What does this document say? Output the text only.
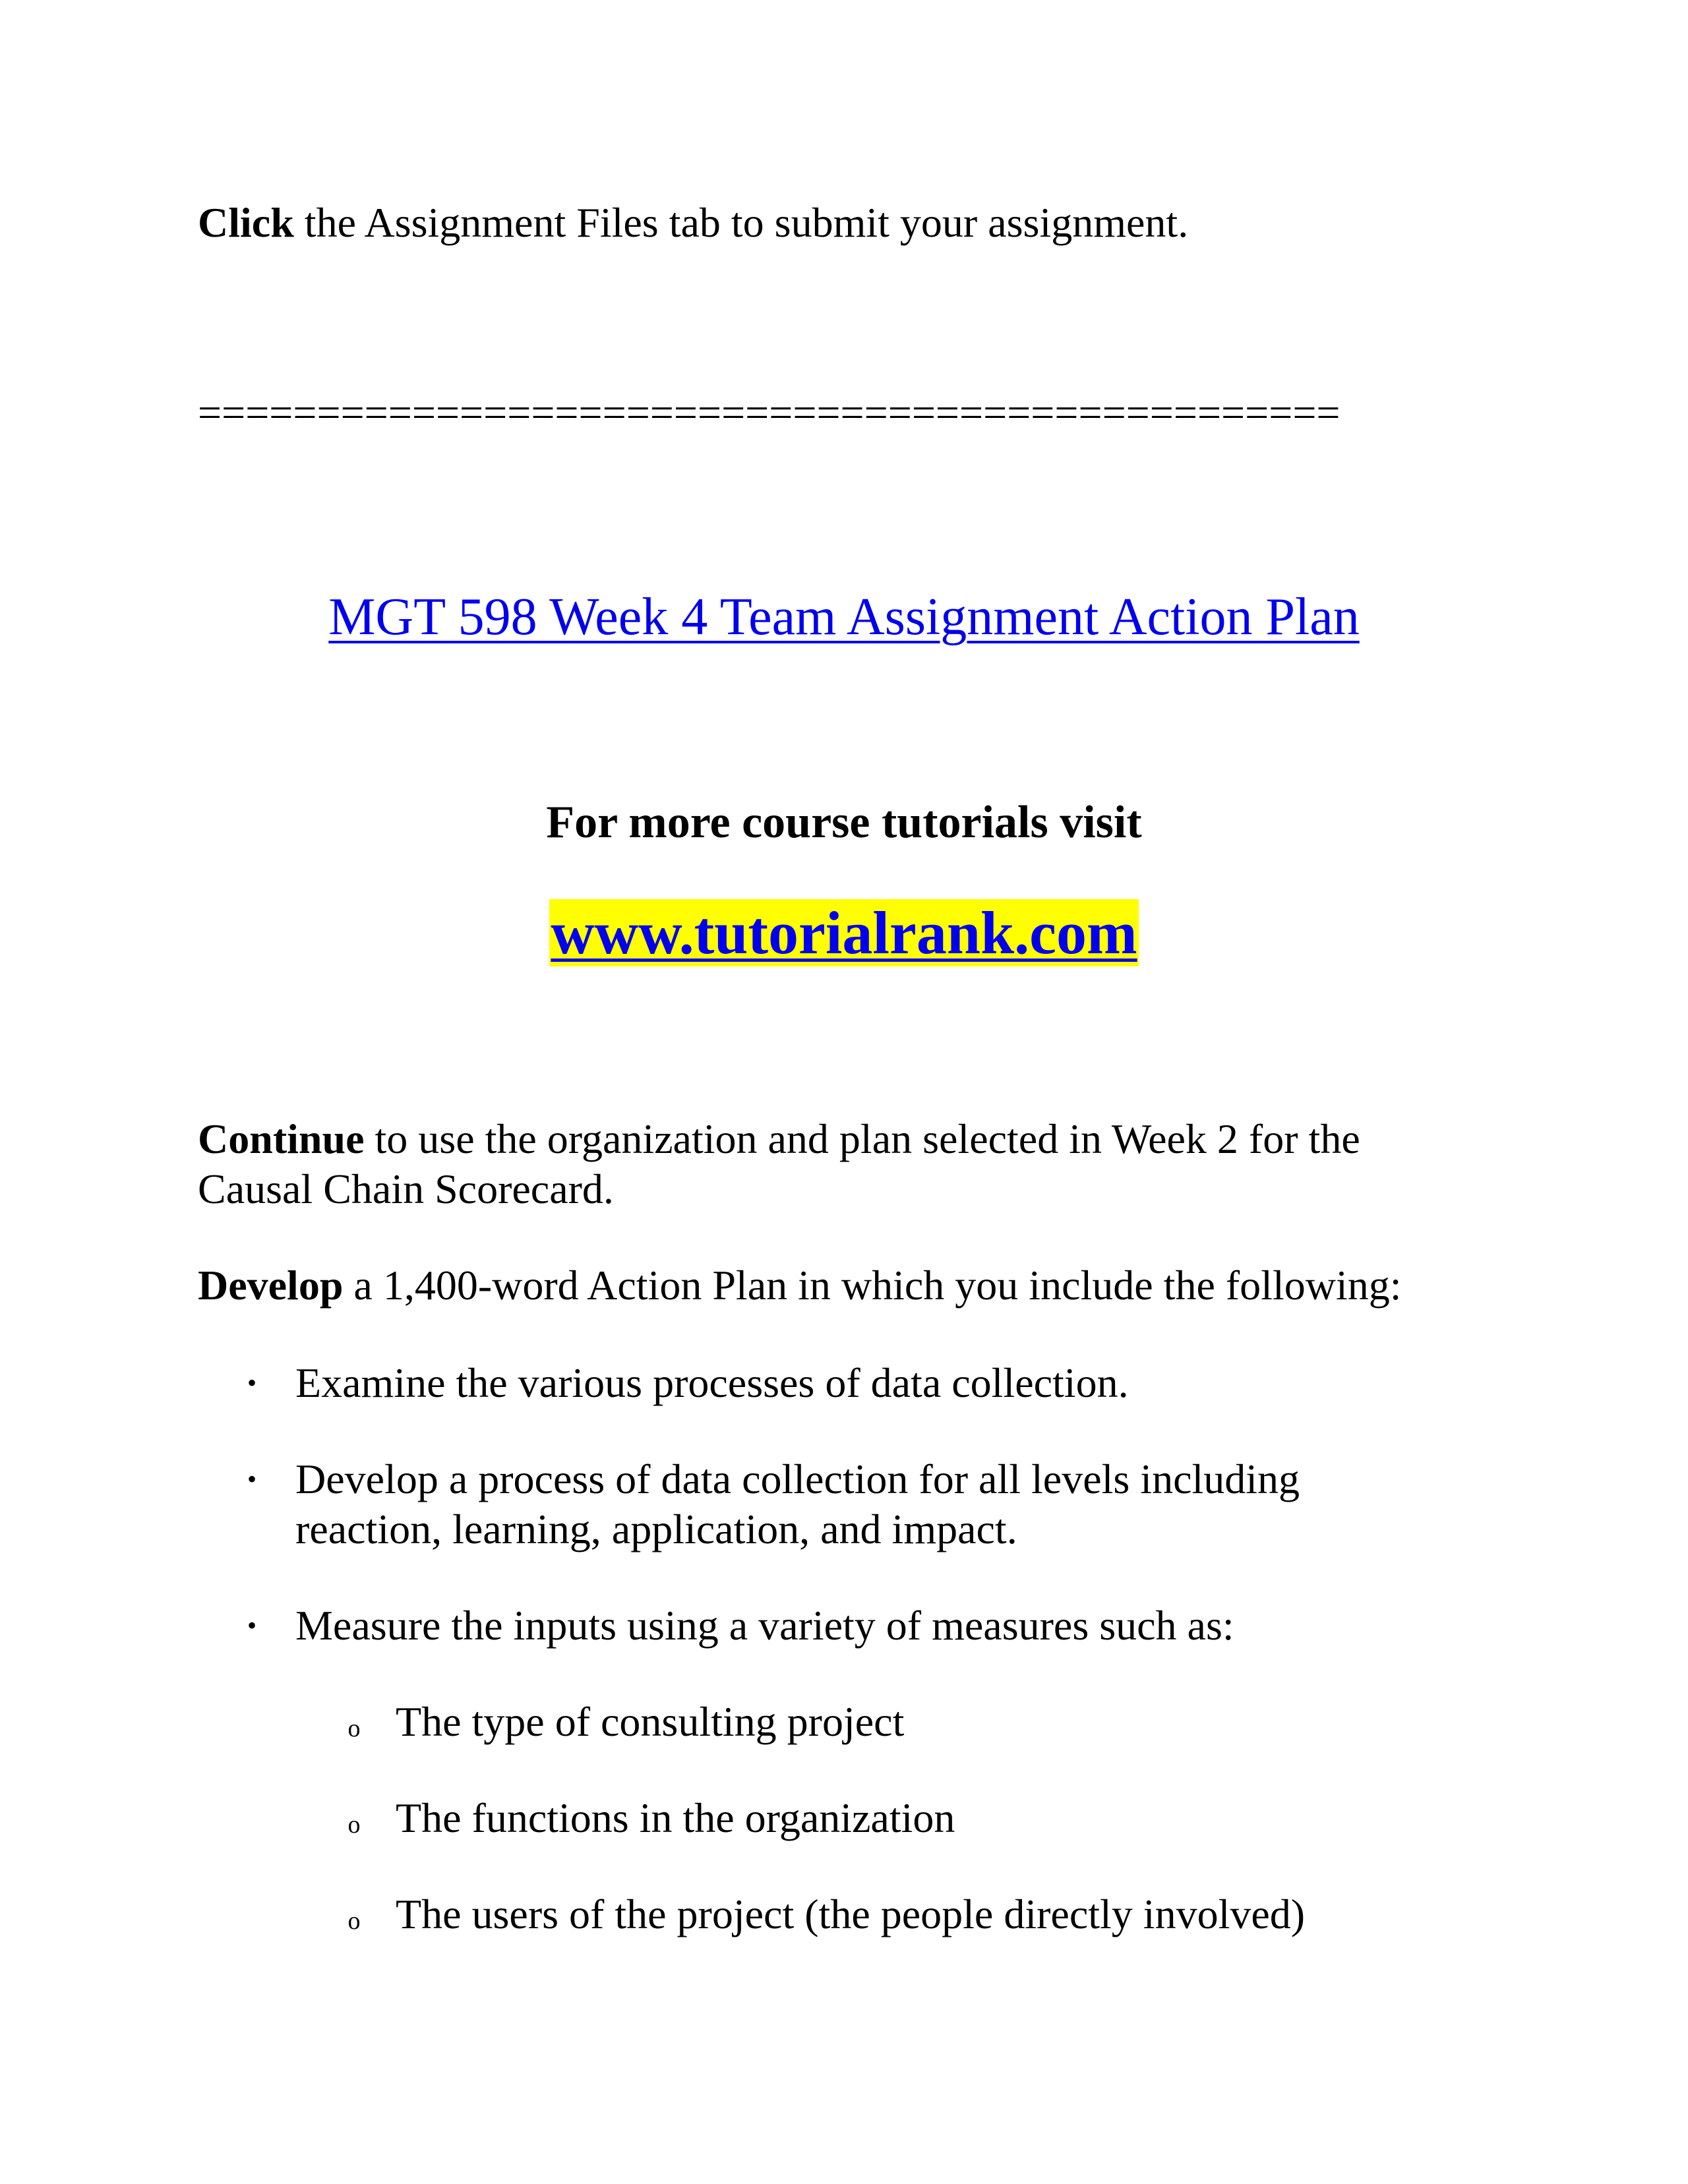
Click the Assignment Files tab to submit your assignment.
================================================
MGT 598 Week 4 Team Assignment Action Plan
For more course tutorials visit
www.tutorialrank.com
Continue to use the organization and plan selected in Week 2 for the
Causal Chain Scorecard.
Develop a 1,400-word Action Plan in which you include the following:
• Examine the various processes of data collection.
• Develop a process of data collection for all levels including
reaction, learning, application, and impact.
• Measure the inputs using a variety of measures such as:
o The type of consulting project
o The functions in the organization
o The users of the project (the people directly involved)
